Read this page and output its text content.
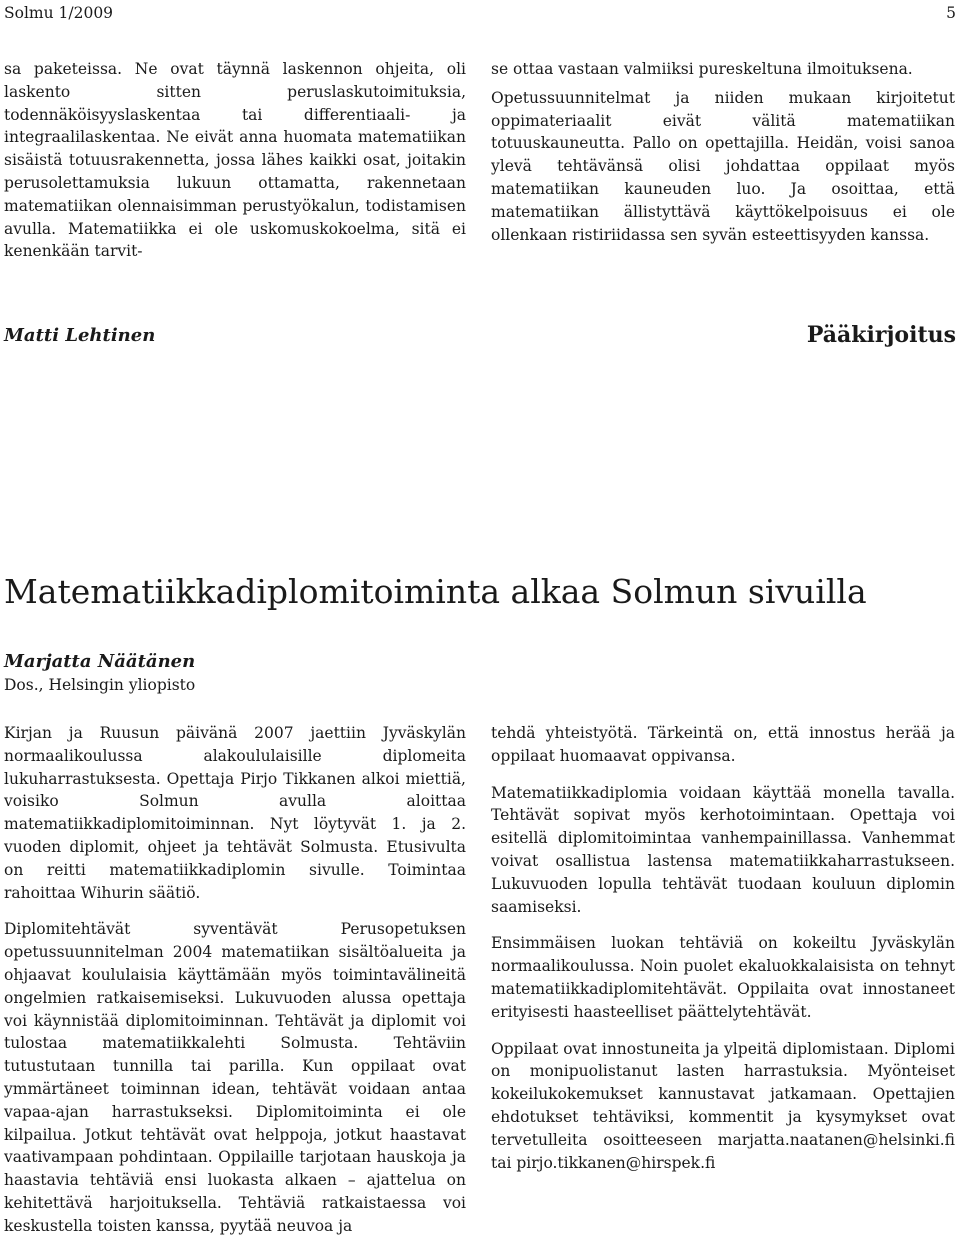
Solmu 1/2009	5

sa paketeissa. Ne ovat täynnä laskennon ohjeita, oli laskento sitten peruslaskutoimituksia, todennäköisyyslaskentaa tai differentiaali- ja integraalilaskentaa. Ne eivät anna huomata matematiikan sisäistä totuusrakennetta, jossa lähes kaikki osat, joitakin perusolettamuksia lukuun ottamatta, rakennetaan matematiikan olennaisimman perustyökalun, todistamisen avulla. Matematiikka ei ole uskomuskokoelma, sitä ei kenenkään tarvit-

se ottaa vastaan valmiiksi pureskeltuna ilmoituksena.

Opetussuunnitelmat ja niiden mukaan kirjoitetut oppimateriaalit eivät välitä matematiikan totuuskauneutta. Pallo on opettajilla. Heidän, voisi sanoa ylevä tehtävänsä olisi johdattaa oppilaat myös matematiikan kauneuden luo. Ja osoittaa, että matematiikan ällistyttävä käyttökelpoisuus ei ole ollenkaan ristiriidassa sen syvän esteettisyyden kanssa.

Matti Lehtinen	Pääkirjoitus
Matematiikkadiplomitoiminta alkaa Solmun sivuilla
Marjatta Näätänen
Dos., Helsingin yliopisto

Kirjan ja Ruusun päivänä 2007 jaettiin Jyväskylän normaalikoulussa alakoululaisille diplomeita lukuharrastuksesta. Opettaja Pirjo Tikkanen alkoi miettiä, voisiko Solmun avulla aloittaa matematiikkadiplomitoiminnan. Nyt löytyvät 1. ja 2. vuoden diplomit, ohjeet ja tehtävät Solmusta. Etusivulta on reitti matematiikkadiplomin sivulle. Toimintaa rahoittaa Wihurin säätiö.

Diplomitehtävät syventävät Perusopetuksen opetussuunnitelman 2004 matematiikan sisältöalueita ja ohjaavat koululaisia käyttämään myös toimintavälineitä ongelmien ratkaisemiseksi. Lukuvuoden alussa opettaja voi käynnistää diplomitoiminnan. Tehtävät ja diplomit voi tulostaa matematiikkalehti Solmusta. Tehtäviin tutustutaan tunnilla tai parilla. Kun oppilaat ovat ymmärtäneet toiminnan idean, tehtävät voidaan antaa vapaa-ajan harrastukseksi. Diplomitoiminta ei ole kilpailua. Jotkut tehtävät ovat helppoja, jotkut haastavat vaativampaan pohdintaan. Oppilaille tarjotaan hauskoja ja haastavia tehtäviä ensi luokasta alkaen – ajattelua on kehitettävä harjoituksella. Tehtäviä ratkaistaessa voi keskustella toisten kanssa, pyytää neuvoa ja

tehdä yhteistyötä. Tärkeintä on, että innostus herää ja oppilaat huomaavat oppivansa.

Matematiikkadiplomia voidaan käyttää monella tavalla. Tehtävät sopivat myös kerhotoimintaan. Opettaja voi esitellä diplomitoimintaa vanhempainillassa. Vanhemmat voivat osallistua lastensa matematiikkaharrastukseen. Lukuvuoden lopulla tehtävät tuodaan kouluun diplomin saamiseksi.

Ensimmäisen luokan tehtäviä on kokeiltu Jyväskylän normaalikoulussa. Noin puolet ekaluokkalaisista on tehnyt matematiikkadiplomitehtävät. Oppilaita ovat innostaneet erityisesti haasteelliset päättelytehtävät.

Oppilaat ovat innostuneita ja ylpeitä diplomistaan. Diplomi on monipuolistanut lasten harrastuksia. Myönteiset kokeilukokemukset kannustavat jatkamaan. Opettajien ehdotukset tehtäviksi, kommentit ja kysymykset ovat tervetulleita osoitteeseen marjatta.naatanen@helsinki.fi tai pirjo.tikkanen@hirspek.fi
